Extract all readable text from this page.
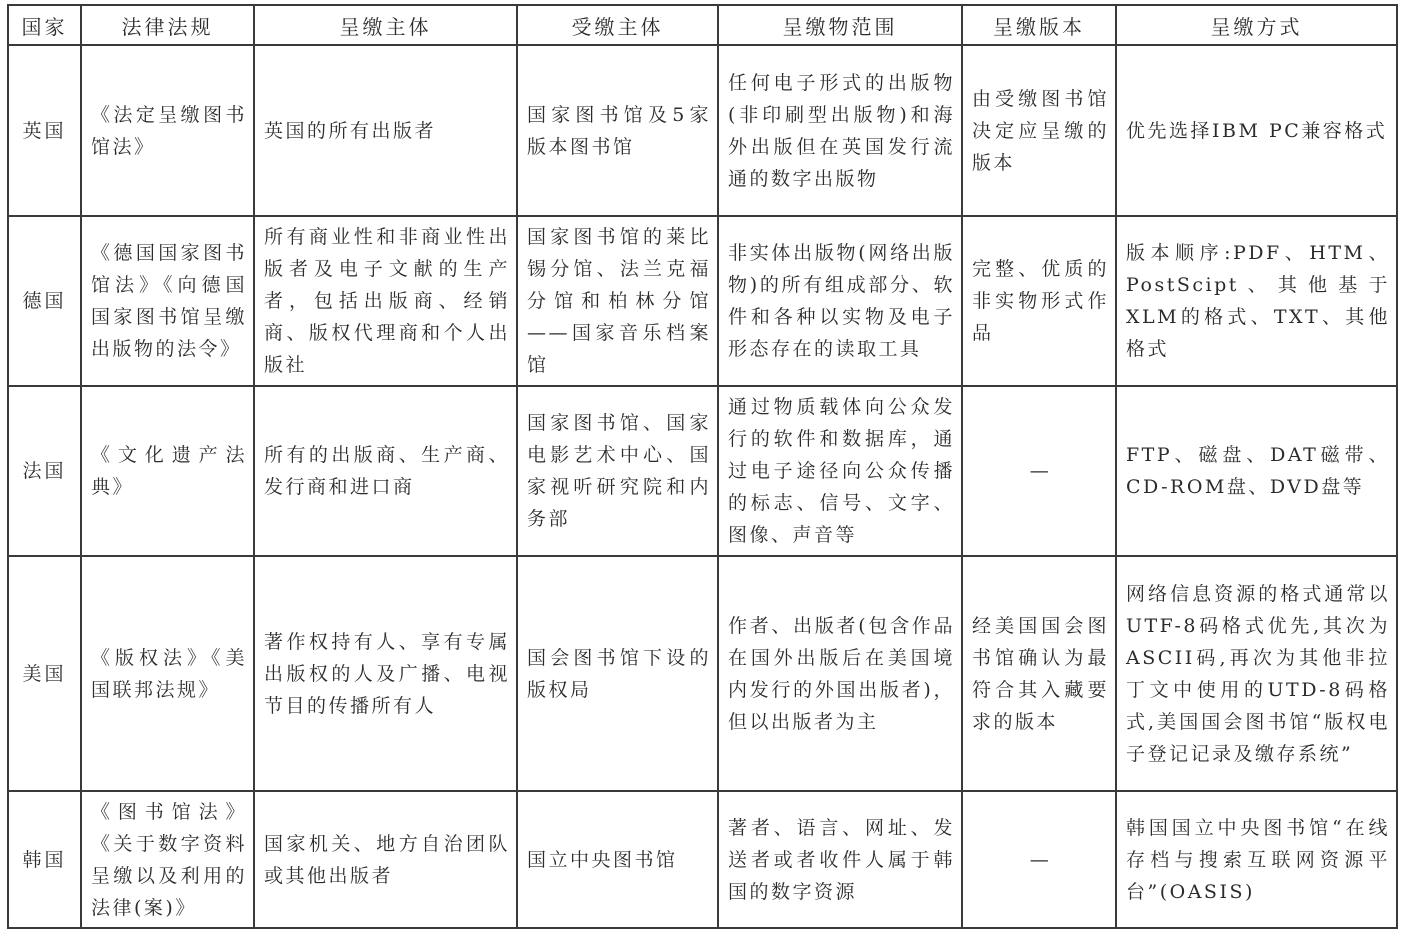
国家	法律法规	呈缴主体	受缴主体	呈缴物范围	呈缴版本	呈缴方式
英国	《法定呈缴图书馆法》	英国的所有出版者	国家图书馆及5家版本图书馆	任何电子形式的出版物(非印刷型出版物)和海外出版但在英国发行流通的数字出版物	由受缴图书馆决定应呈缴的版本	优先选择IBM PC兼容格式
德国	《德国国家图书馆法》《向德国国家图书馆呈缴出版物的法令》	所有商业性和非商业性出版者及电子文献的生产者，包括出版商、经销商、版权代理商和个人出版社	国家图书馆的莱比锡分馆、法兰克福分馆和柏林分馆——国家音乐档案馆	非实体出版物(网络出版物)的所有组成部分、软件和各种以实物及电子形态存在的读取工具	完整、优质的非实物形式作品	版本顺序:PDF、HTM、PostScipt、其他基于XLM的格式、TXT、其他格式
法国	《文化遗产法典》	所有的出版商、生产商、发行商和进口商	国家图书馆、国家电影艺术中心、国家视听研究院和内务部	通过物质载体向公众发行的软件和数据库，通过电子途径向公众传播的标志、信号、文字、图像、声音等	—	FTP、磁盘、DAT磁带、CD-ROM盘、DVD盘等
美国	《版权法》《美国联邦法规》	著作权持有人、享有专属出版权的人及广播、电视节目的传播所有人	国会图书馆下设的版权局	作者、出版者(包含作品在国外出版后在美国境内发行的外国出版者)，但以出版者为主	经美国国会图书馆确认为最符合其入藏要求的版本	网络信息资源的格式通常以UTF-8码格式优先,其次为ASCII码,再次为其他非拉丁文中使用的UTD-8码格式,美国国会图书馆“版权电子登记记录及缴存系统”
韩国	《图书馆法》《关于数字资料呈缴以及利用的法律(案)》	国家机关、地方自治团队或其他出版者	国立中央图书馆	著者、语言、网址、发送者或者收件人属于韩国的数字资源	—	韩国国立中央图书馆“在线存档与搜索互联网资源平台”(OASIS)
